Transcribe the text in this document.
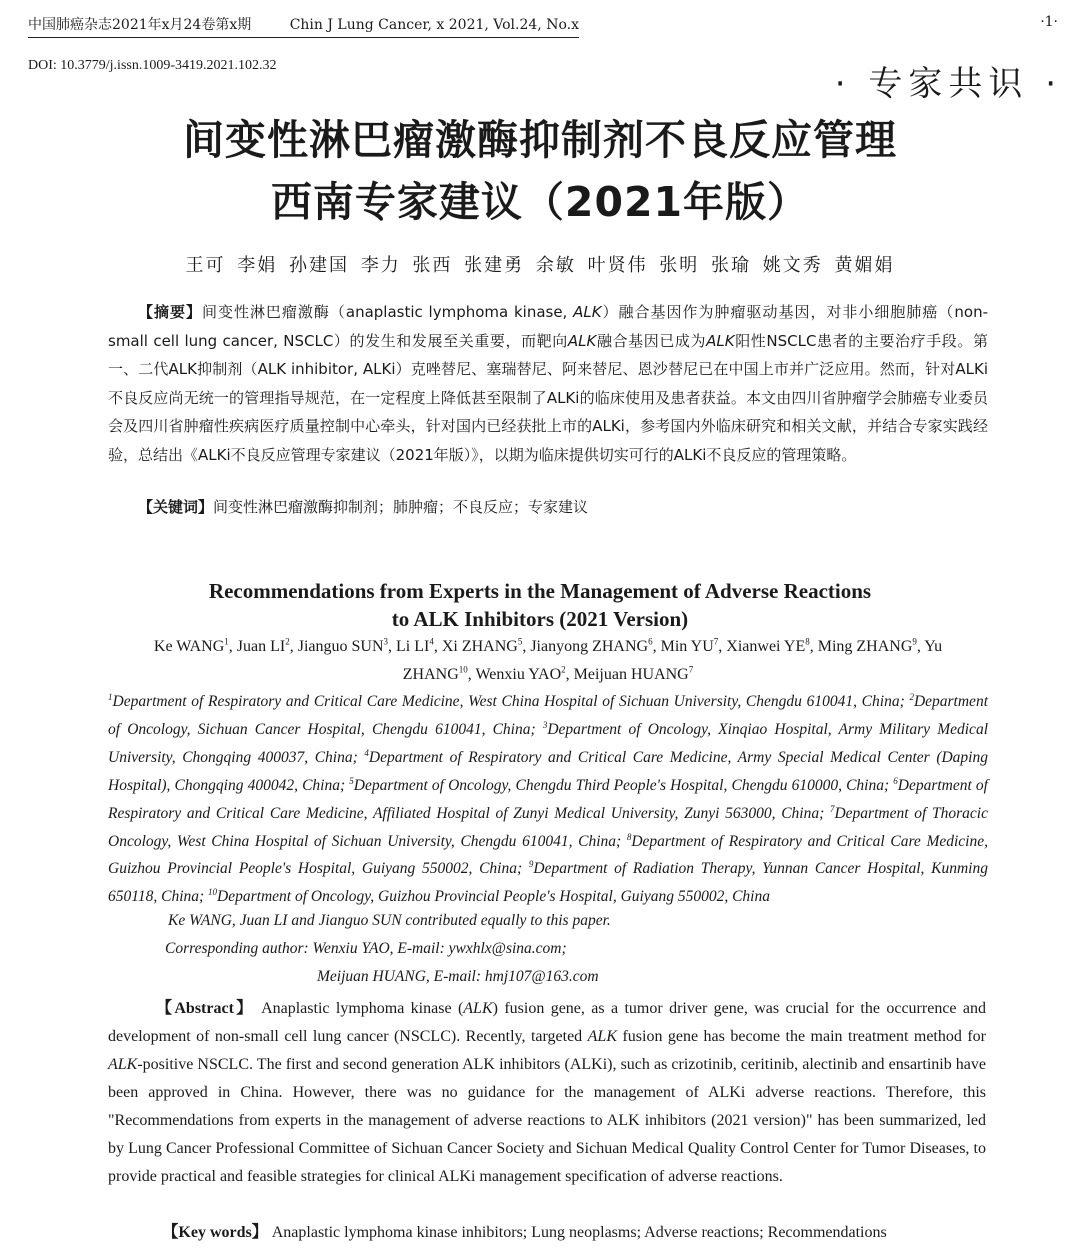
中国肺癌杂志2021年x月24卷第x期	Chin J Lung Cancer, x 2021, Vol.24, No.x	·1·
DOI: 10.3779/j.issn.1009-3419.2021.102.32	· 专家共识 ·
间变性淋巴瘤激酶抑制剂不良反应管理
西南专家建议（2021年版）
王可 李娟 孙建国 李力 张西 张建勇 余敏 叶贤伟 张明 张瑜 姚文秀 黄媚娟

【摘要】间变性淋巴瘤激酶（anaplastic lymphoma kinase, ALK）融合基因作为肿瘤驱动基因，对非小细胞肺癌（non-small cell lung cancer, NSCLC）的发生和发展至关重要，而靶向ALK融合基因已成为ALK阳性NSCLC患者的主要治疗手段。第一、二代ALK抑制剂（ALK inhibitor, ALKi）克唑替尼、塞瑞替尼、阿来替尼、恩沙替尼已在中国上市并广泛应用。然而，针对ALKi不良反应尚无统一的管理指导规范，在一定程度上降低甚至限制了ALKi的临床使用及患者获益。本文由四川省肿瘤学会肺癌专业委员会及四川省肿瘤性疾病医疗质量控制中心牵头，针对国内已经获批上市的ALKi，参考国内外临床研究和相关文献，并结合专家实践经验，总结出《ALKi不良反应管理专家建议（2021年版）》，以期为临床提供切实可行的ALKi不良反应的管理策略。

【关键词】间变性淋巴瘤激酶抑制剂；肺肿瘤；不良反应；专家建议

Recommendations from Experts in the Management of Adverse Reactions
to ALK Inhibitors (2021 Version)
Ke WANG$^1$, Juan $LI^2$, Jianguo SUN$^3$, Li $LI^4$, Xi ZHANG$^5$, Jianyong ZHANG$^6$, Min $YU^7$, Xianwei $YE^8$, Ming ZHANG$^9$, Yu ZHANG$^{10}$, Wenxiu YAO$^2$, Meijuan HUANG$^7$

$^1$Department of Respiratory and Critical Care Medicine, West China Hospital of Sichuan University, Chengdu 610041, China; $^2$Department of Oncology, Sichuan Cancer Hospital, Chengdu 610041, China; $^3$Department of Oncology, Xinqiao Hospital, Army Military Medical University, Chongqing 400037, China; $^4$Department of Respiratory and Critical Care Medicine, Army Special Medical Center (Daping Hospital), Chongqing 400042, China; $^5$Department of Oncology, Chengdu Third People's Hospital, Chengdu 610000, China; $^6$Department of Respiratory and Critical Care Medicine, Affiliated Hospital of Zunyi Medical University, Zunyi 563000, China; $^7$Department of Thoracic Oncology, West China Hospital of Sichuan University, Chengdu 610041, China; $^8$Department of Respiratory and Critical Care Medicine, Guizhou Provincial People's Hospital, Guiyang 550002, China; $^9$Department of Radiation Therapy, Yunnan Cancer Hospital, Kunming 650118, China; $^{10}$Department of Oncology, Guizhou Provincial People's Hospital, Guiyang 550002, China

Ke WANG, Juan LI and Jianguo SUN contributed equally to this paper.
Corresponding author: Wenxiu YAO, E-mail: ywxhlx@sina.com;
Meijuan HUANG, E-mail: hmj107@163.com

【Abstract】 Anaplastic lymphoma kinase (ALK) fusion gene, as a tumor driver gene, was crucial for the occurrence and development of non-small cell lung cancer (NSCLC). Recently, targeted ALK fusion gene has become the main treatment method for ALK-positive NSCLC. The first and second generation ALK inhibitors (ALKi), such as crizotinib, ceritinib, alectinib and ensartinib have been approved in China. However, there was no guidance for the management of ALKi adverse reactions. Therefore, this "Recommendations from experts in the management of adverse reactions to ALK inhibitors (2021 version)" has been summarized, led by Lung Cancer Professional Committee of Sichuan Cancer Society and Sichuan Medical Quality Control Center for Tumor Diseases, to provide practical and feasible strategies for clinical ALKi management specification of adverse reactions.

【Key words】 Anaplastic lymphoma kinase inhibitors; Lung neoplasms; Adverse reactions; Recommendations
